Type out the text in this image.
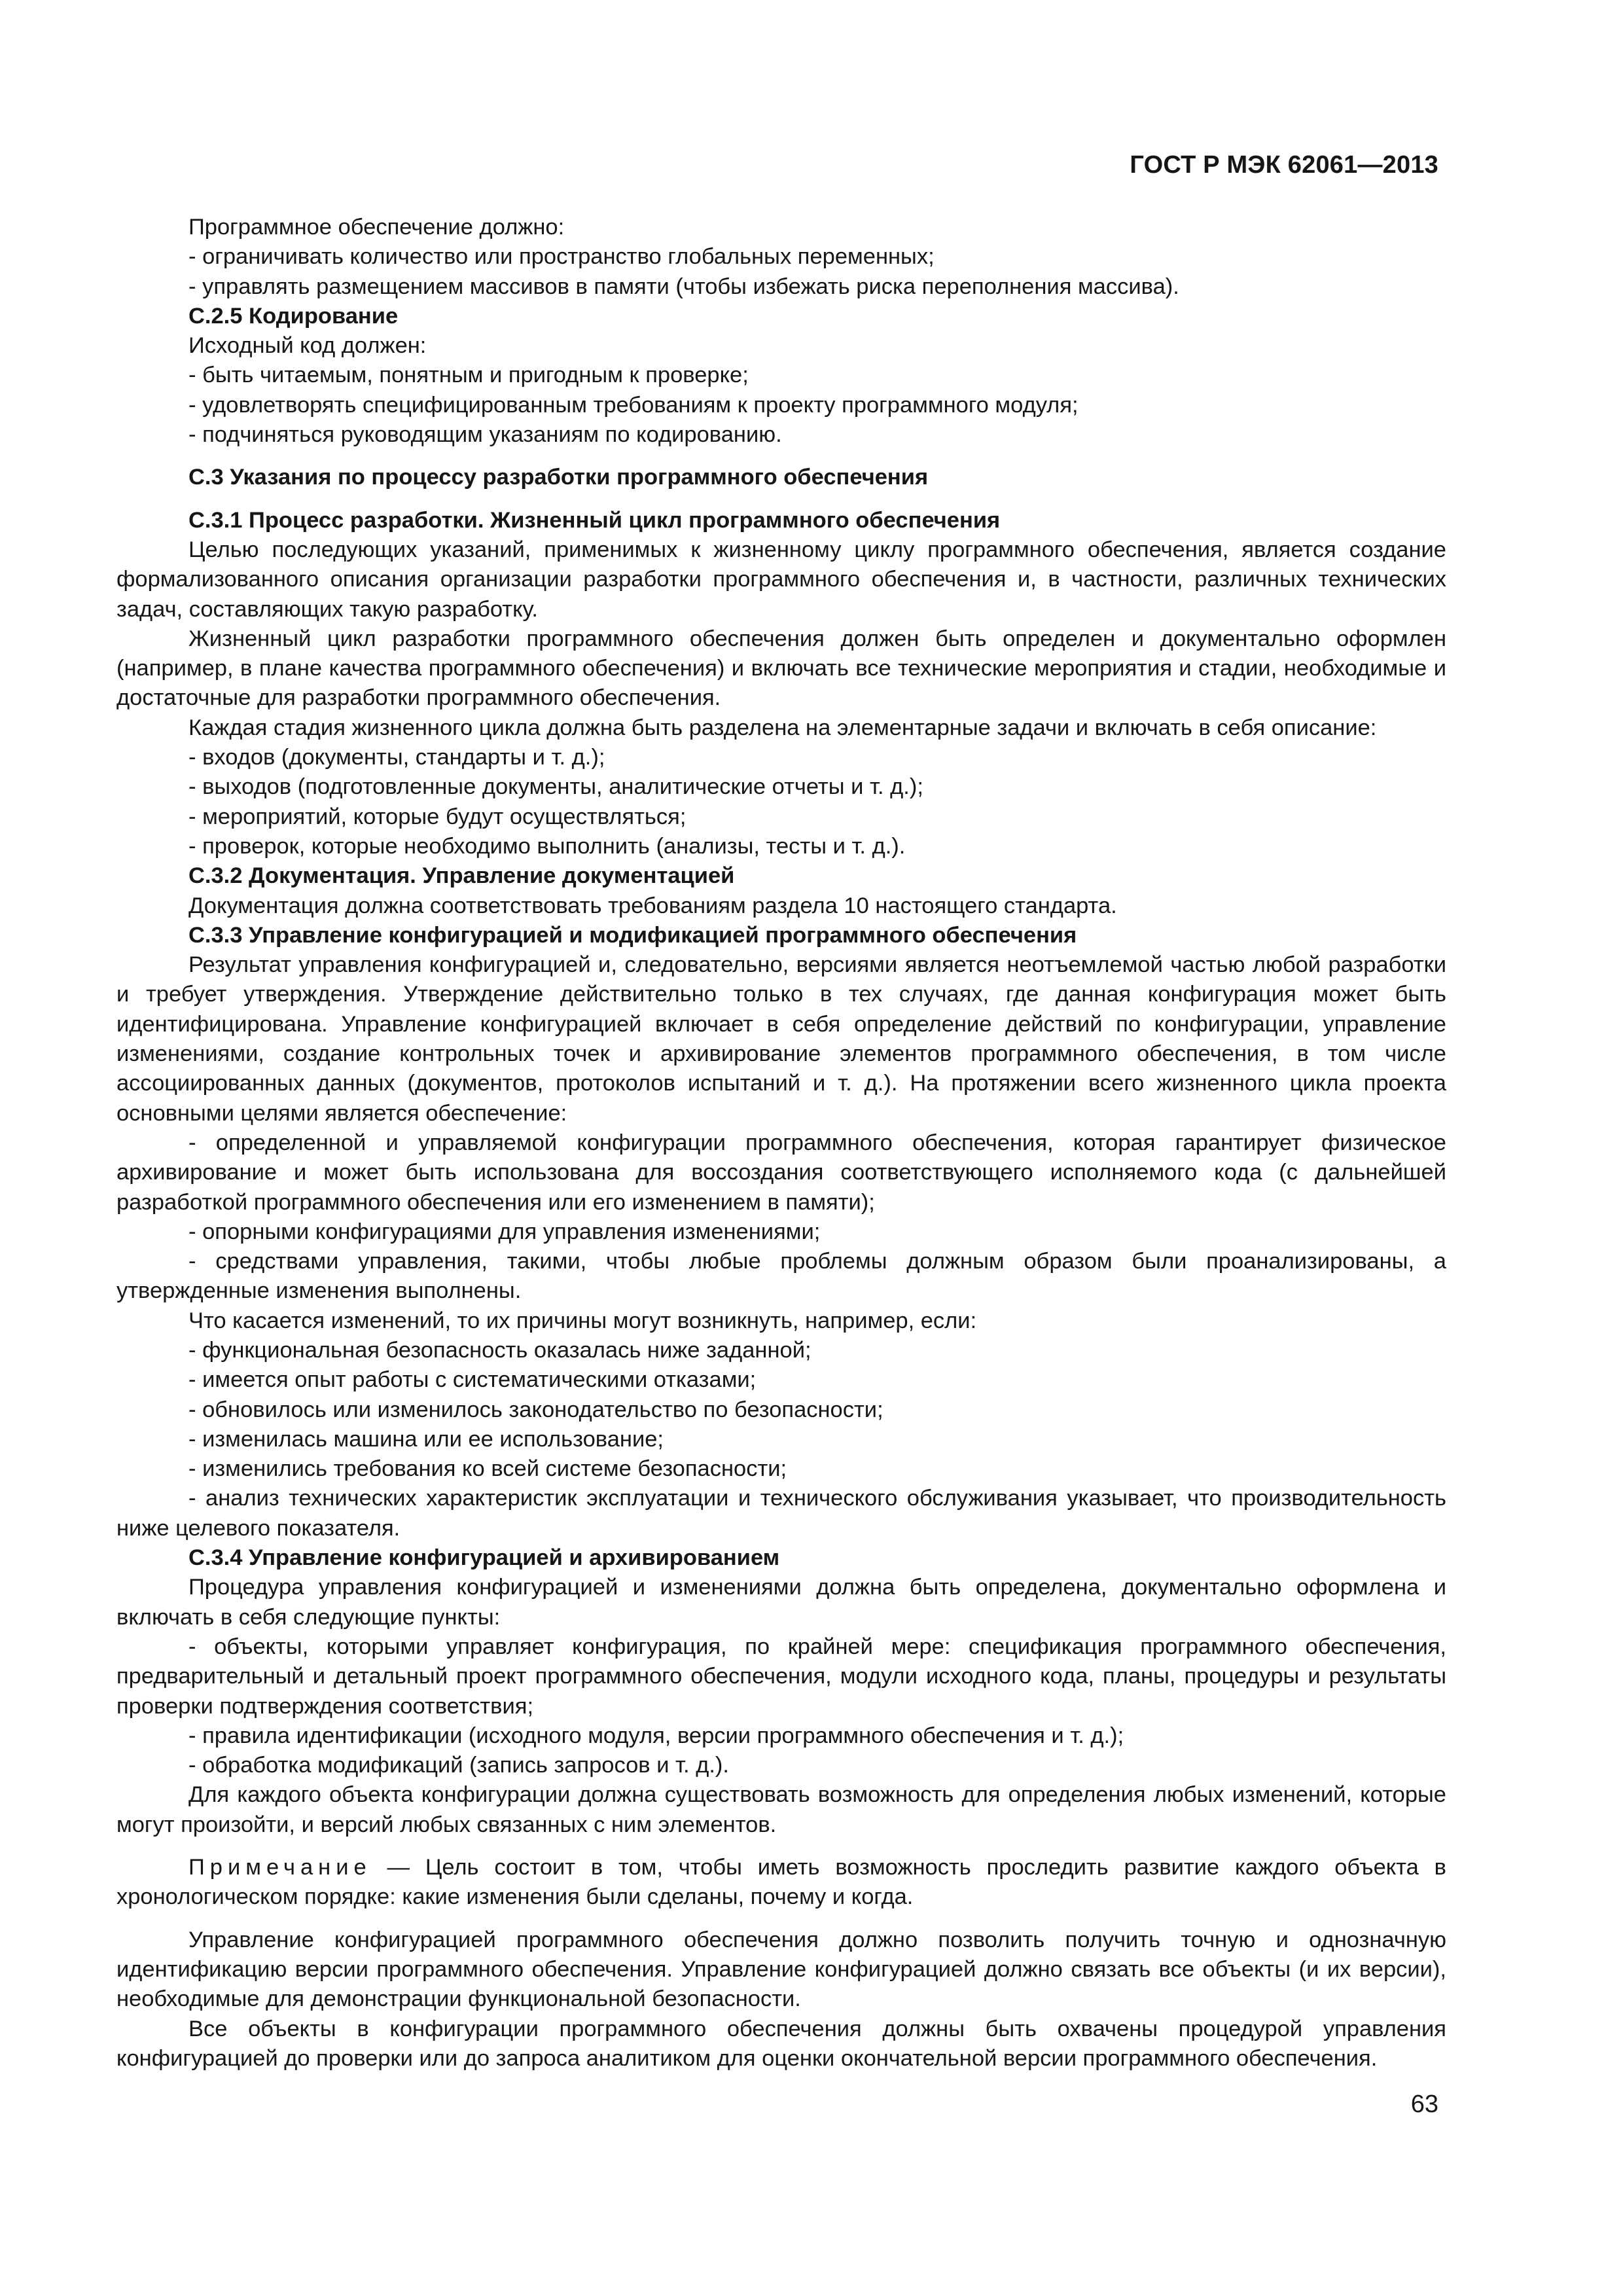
ГОСТ Р МЭК 62061—2013

Программное обеспечение должно:

- ограничивать количество или пространство глобальных переменных;

- управлять размещением массивов в памяти (чтобы избежать риска переполнения массива).

С.2.5 Кодирование

Исходный код должен:

- быть читаемым, понятным и пригодным к проверке;

- удовлетворять специфицированным требованиям к проекту программного модуля;

- подчиняться руководящим указаниям по кодированию.

С.3 Указания по процессу разработки программного обеспечения

С.3.1 Процесс разработки. Жизненный цикл программного обеспечения

Целью последующих указаний, применимых к жизненному циклу программного обеспечения, является создание формализованного описания организации разработки программного обеспечения и, в частности, различных технических задач, составляющих такую разработку.

Жизненный цикл разработки программного обеспечения должен быть определен и документально оформлен (например, в плане качества программного обеспечения) и включать все технические мероприятия и стадии, необходимые и достаточные для разработки программного обеспечения.

Каждая стадия жизненного цикла должна быть разделена на элементарные задачи и включать в себя описание:

- входов (документы, стандарты и т. д.);

- выходов (подготовленные документы, аналитические отчеты и т. д.);

- мероприятий, которые будут осуществляться;

- проверок, которые необходимо выполнить (анализы, тесты и т. д.).

С.3.2 Документация. Управление документацией

Документация должна соответствовать требованиям раздела 10 настоящего стандарта.

С.3.3 Управление конфигурацией и модификацией программного обеспечения

Результат управления конфигурацией и, следовательно, версиями является неотъемлемой частью любой разработки и требует утверждения. Утверждение действительно только в тех случаях, где данная конфигурация может быть идентифицирована. Управление конфигурацией включает в себя определение действий по конфигурации, управление изменениями, создание контрольных точек и архивирование элементов программного обеспечения, в том числе ассоциированных данных (документов, протоколов испытаний и т. д.). На протяжении всего жизненного цикла проекта основными целями является обеспечение:

- определенной и управляемой конфигурации программного обеспечения, которая гарантирует физическое архивирование и может быть использована для воссоздания соответствующего исполняемого кода (с дальнейшей разработкой программного обеспечения или его изменением в памяти);

- опорными конфигурациями для управления изменениями;

- средствами управления, такими, чтобы любые проблемы должным образом были проанализированы, а утвержденные изменения выполнены.

Что касается изменений, то их причины могут возникнуть, например, если:

- функциональная безопасность оказалась ниже заданной;

- имеется опыт работы с систематическими отказами;

- обновилось или изменилось законодательство по безопасности;

- изменилась машина или ее использование;

- изменились требования ко всей системе безопасности;

- анализ технических характеристик эксплуатации и технического обслуживания указывает, что производительность ниже целевого показателя.

С.3.4 Управление конфигурацией и архивированием

Процедура управления конфигурацией и изменениями должна быть определена, документально оформлена и включать в себя следующие пункты:

- объекты, которыми управляет конфигурация, по крайней мере: спецификация программного обеспечения, предварительный и детальный проект программного обеспечения, модули исходного кода, планы, процедуры и результаты проверки подтверждения соответствия;

- правила идентификации (исходного модуля, версии программного обеспечения и т. д.);

- обработка модификаций (запись запросов и т. д.).

Для каждого объекта конфигурации должна существовать возможность для определения любых изменений, которые могут произойти, и версий любых связанных с ним элементов.

Примечание — Цель состоит в том, чтобы иметь возможность проследить развитие каждого объекта в хронологическом порядке: какие изменения были сделаны, почему и когда.

Управление конфигурацией программного обеспечения должно позволить получить точную и однозначную идентификацию версии программного обеспечения. Управление конфигурацией должно связать все объекты (и их версии), необходимые для демонстрации функциональной безопасности.

Все объекты в конфигурации программного обеспечения должны быть охвачены процедурой управления конфигурацией до проверки или до запроса аналитиком для оценки окончательной версии программного обеспечения.

63
